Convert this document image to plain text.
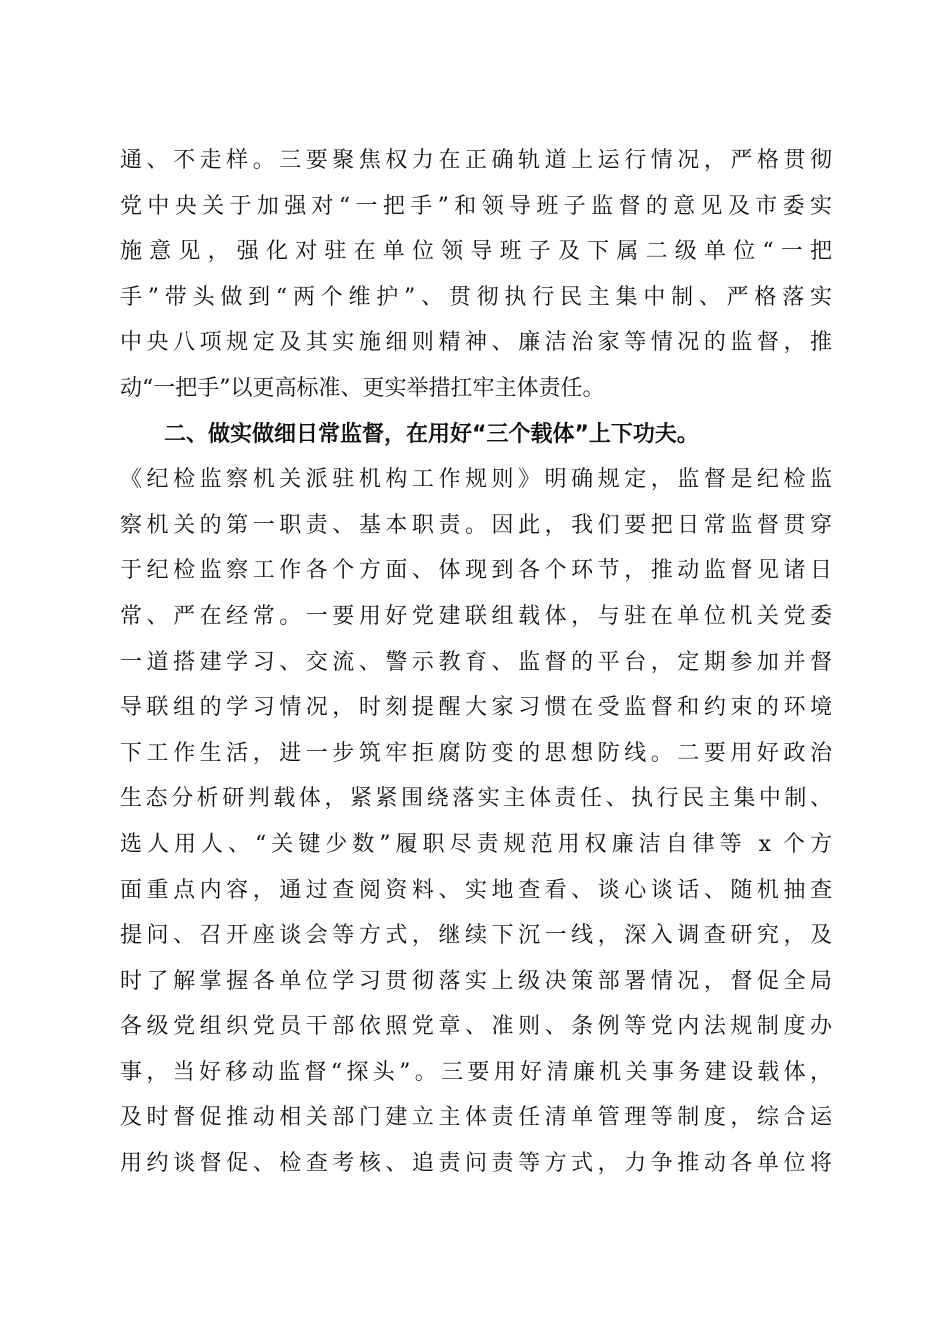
通、不走样。三要聚焦权力在正确轨道上运行情况，严格贯彻
党中央关于加强对“一把手”和领导班子监督的意见及市委实
施意见，强化对驻在单位领导班子及下属二级单位“一把
手”带头做到“两个维护”、贯彻执行民主集中制、严格落实
中央八项规定及其实施细则精神、廉洁治家等情况的监督，推
动“一把手”以更高标准、更实举措扛牢主体责任。
二、做实做细日常监督，在用好“三个载体”上下功夫。
《纪检监察机关派驻机构工作规则》明确规定，监督是纪检监
察机关的第一职责、基本职责。因此，我们要把日常监督贯穿
于纪检监察工作各个方面、体现到各个环节，推动监督见诸日
常、严在经常。一要用好党建联组载体，与驻在单位机关党委
一道搭建学习、交流、警示教育、监督的平台，定期参加并督
导联组的学习情况，时刻提醒大家习惯在受监督和约束的环境
下工作生活，进一步筑牢拒腐防变的思想防线。二要用好政治
生态分析研判载体，紧紧围绕落实主体责任、执行民主集中制、
选人用人、“关键少数”履职尽责规范用权廉洁自律等 x 个方
面重点内容，通过查阅资料、实地查看、谈心谈话、随机抽查
提问、召开座谈会等方式，继续下沉一线，深入调查研究，及
时了解掌握各单位学习贯彻落实上级决策部署情况，督促全局
各级党组织党员干部依照党章、准则、条例等党内法规制度办
事，当好移动监督“探头”。三要用好清廉机关事务建设载体，
及时督促推动相关部门建立主体责任清单管理等制度，综合运
用约谈督促、检查考核、追责问责等方式，力争推动各单位将
